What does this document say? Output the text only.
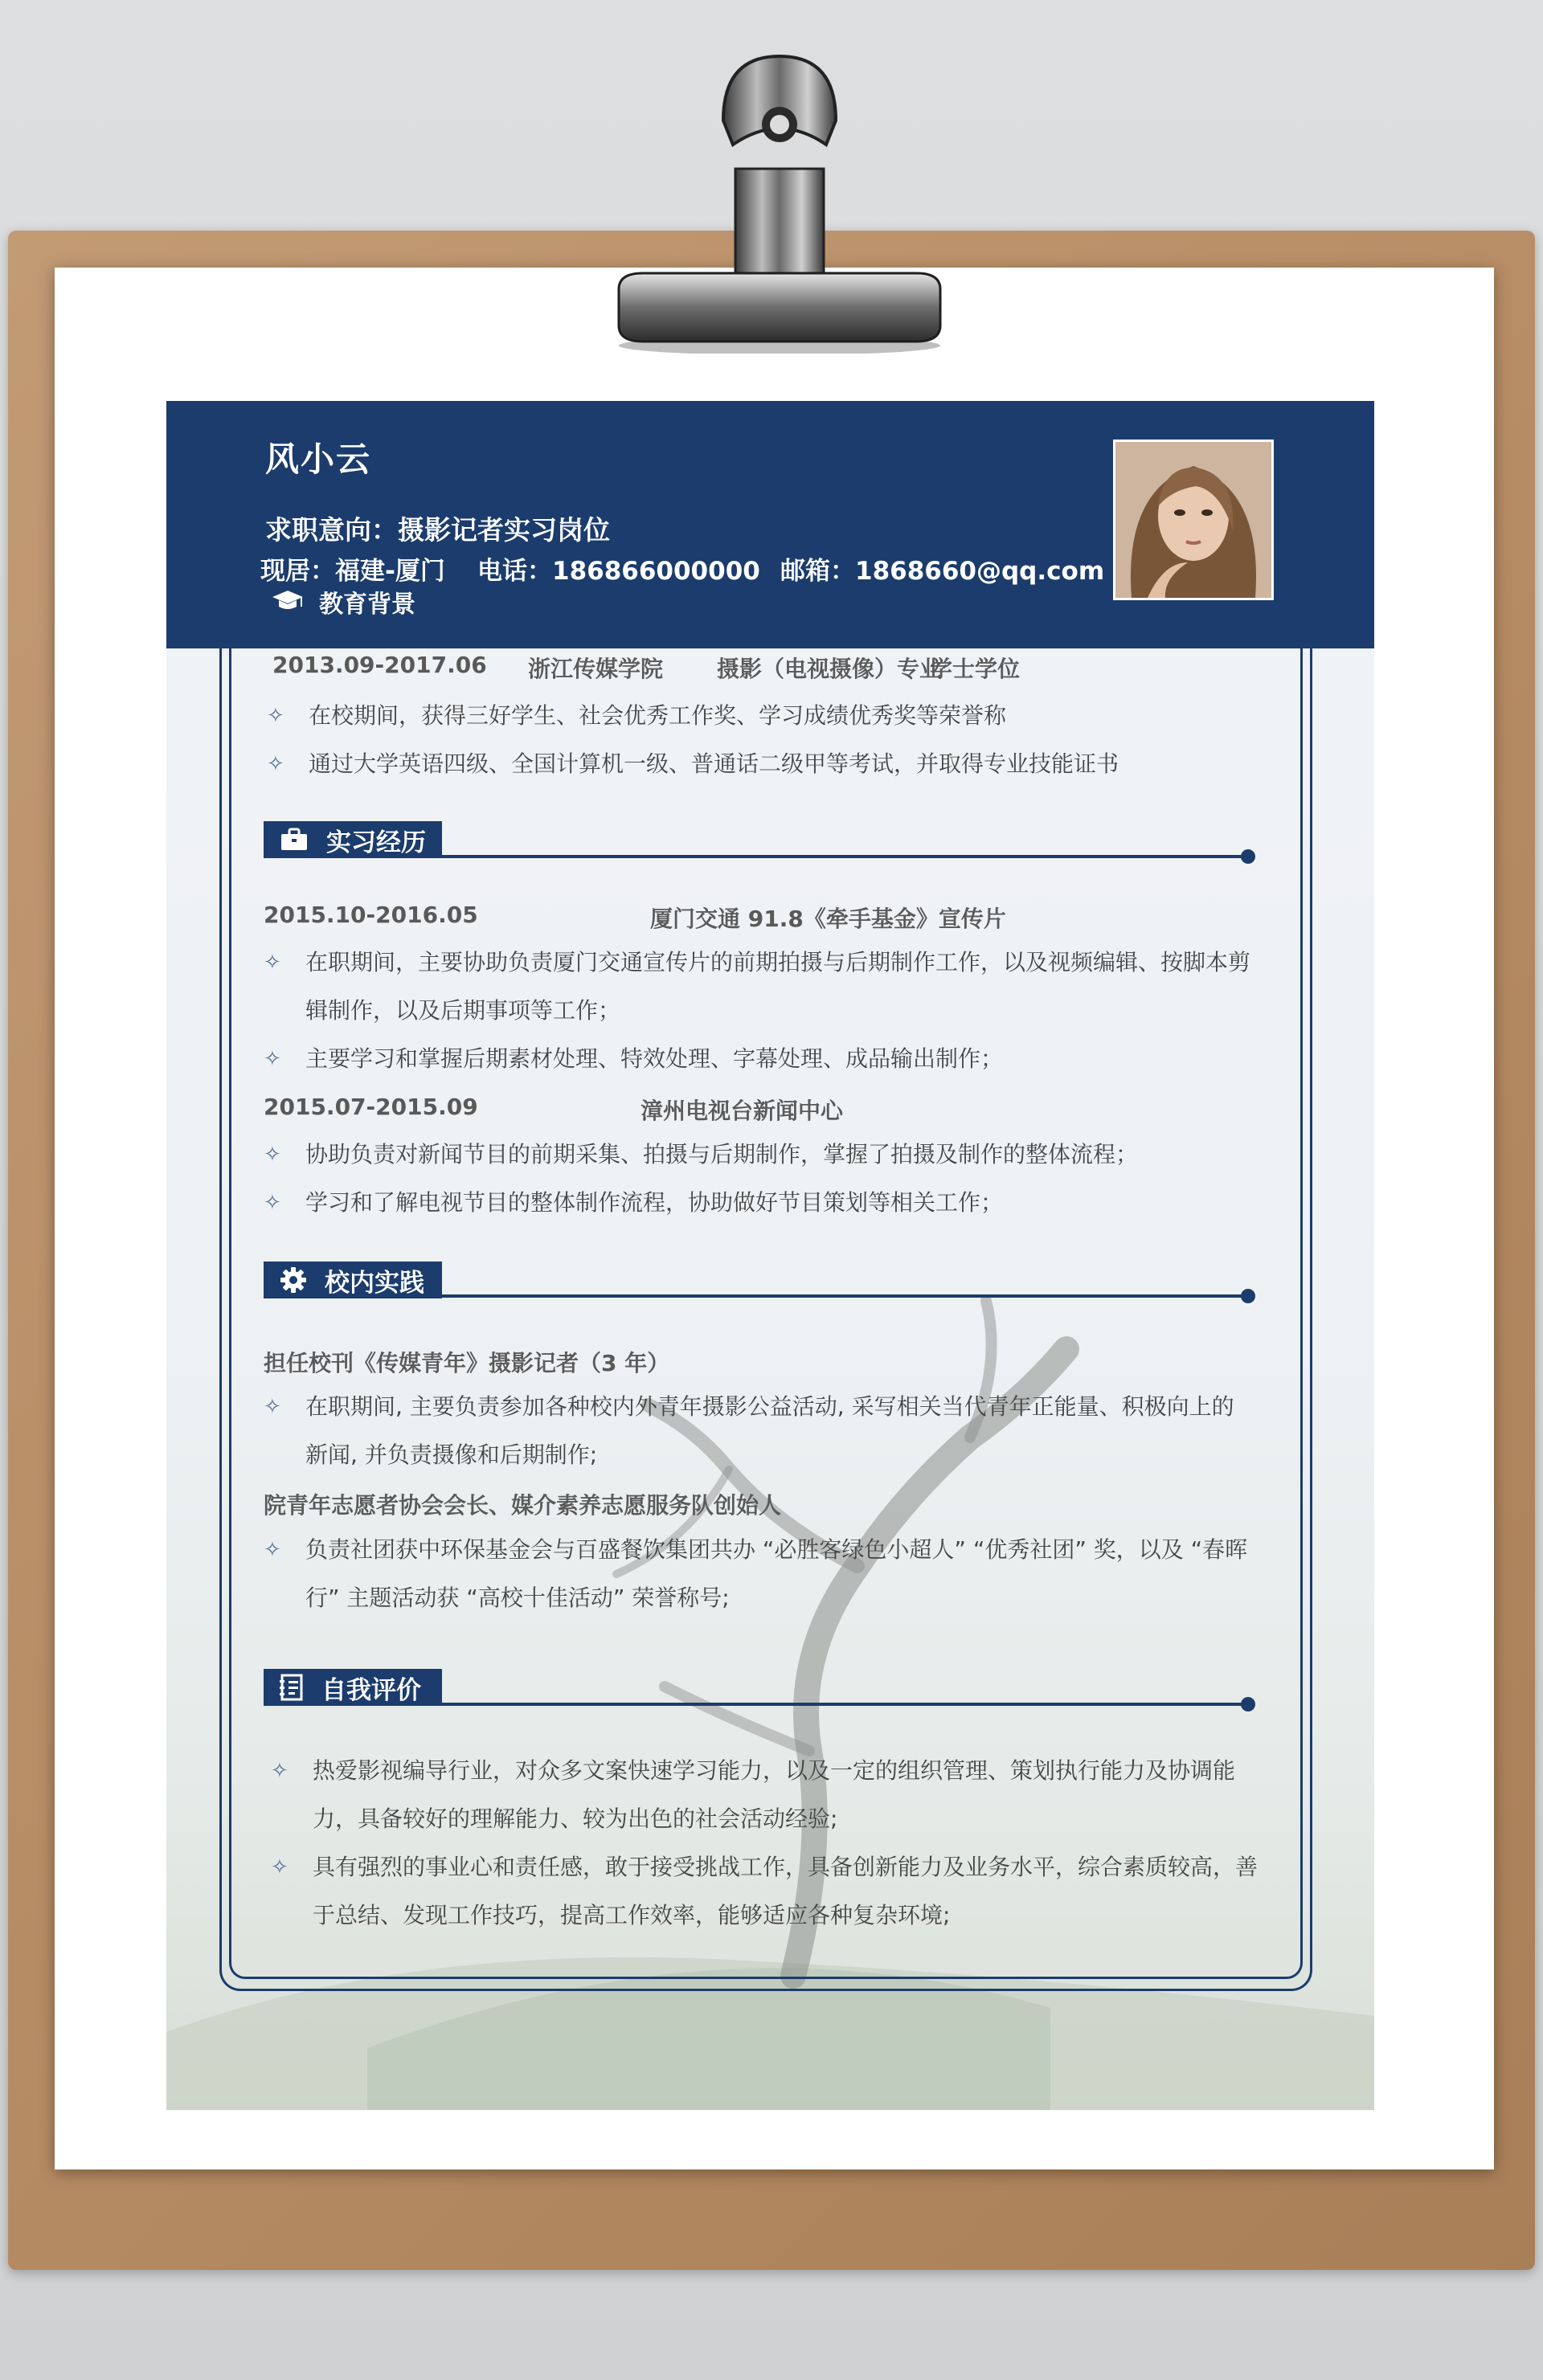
风小云
求职意向：摄影记者实习岗位
现居：福建-厦门 电话：186866000000 邮箱：1868660@qq.com
教育背景
2013.09-2017.06 浙江传媒学院 摄影（电视摄像）专业
学士学位
✧ 在校期间，获得三好学生、社会优秀工作奖、学习成绩优秀奖等荣誉称
✧ 通过大学英语四级、全国计算机一级、普通话二级甲等考试，并取得专业技能证书
实习经历
2015.10-2016.05	厦门交通 91.8《牵手基金》宣传片
✧ 在职期间，主要协助负责厦门交通宣传片的前期拍摄与后期制作工作，以及视频编辑、按脚本剪辑制作，以及后期事项等工作；
✧ 主要学习和掌握后期素材处理、特效处理、字幕处理、成品输出制作；
2015.07-2015.09	漳州电视台新闻中心
✧ 协助负责对新闻节目的前期采集、拍摄与后期制作，掌握了拍摄及制作的整体流程；
✧ 学习和了解电视节目的整体制作流程，协助做好节目策划等相关工作；
校内实践
担任校刊《传媒青年》摄影记者（3 年）
✧ 在职期间, 主要负责参加各种校内外青年摄影公益活动, 采写相关当代青年正能量、积极向上的新闻, 并负责摄像和后期制作;
院青年志愿者协会会长、媒介素养志愿服务队创始人
✧ 负责社团获中环保基金会与百盛餐饮集团共办 “必胜客绿色小超人” “优秀社团” 奖，以及 “春晖行” 主题活动获 “高校十佳活动” 荣誉称号;
自我评价
✧ 热爱影视编导行业，对众多文案快速学习能力，以及一定的组织管理、策划执行能力及协调能力，具备较好的理解能力、较为出色的社会活动经验;
✧ 具有强烈的事业心和责任感，敢于接受挑战工作，具备创新能力及业务水平，综合素质较高，善于总结、发现工作技巧，提高工作效率，能够适应各种复杂环境;
